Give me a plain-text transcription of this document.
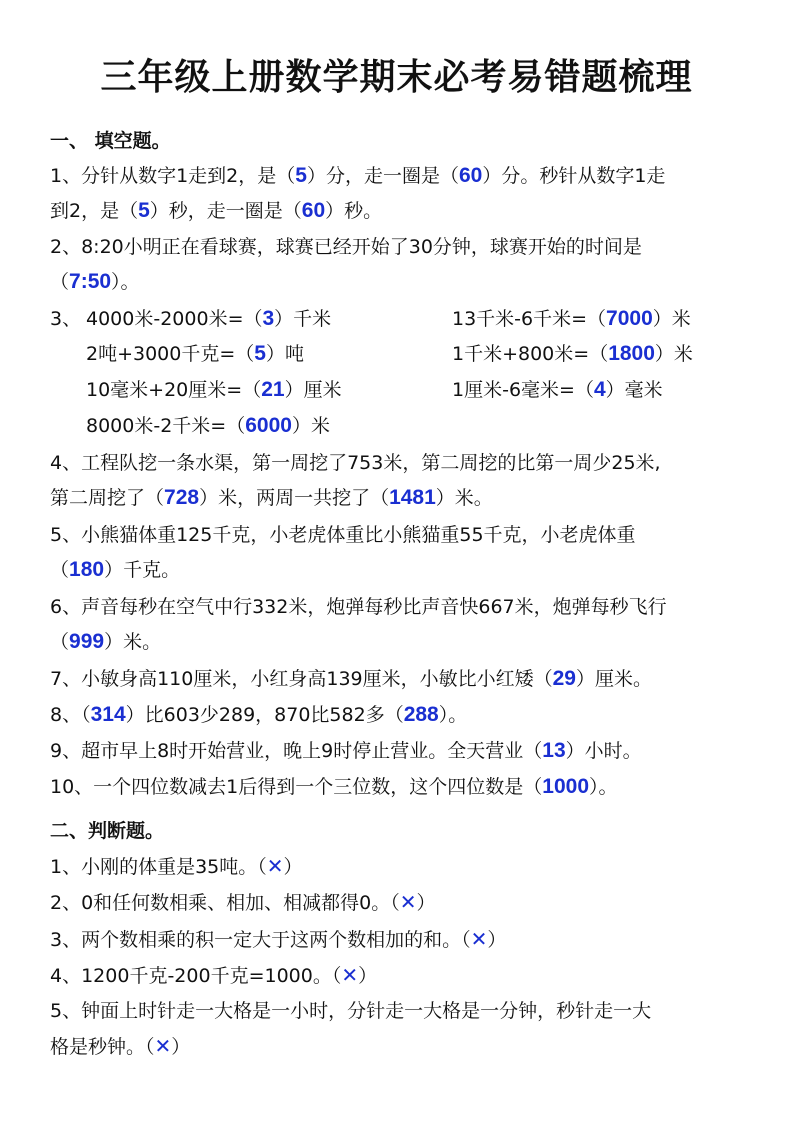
三年级上册数学期末必考易错题梳理
一、 填空题。
1、分针从数字1走到2，是（5）分，走一圈是（60）分。秒针从数字1走
到2，是（5）秒，走一圈是（60）秒。
2、8:20小明正在看球赛，球赛已经开始了30分钟，球赛开始的时间是
（7:50）。
3、 4000米-2000米=（3）千米	13千米-6千米=（7000）米
2吨+3000千克=（5）吨	1千米+800米=（1800）米
10毫米+20厘米=（21）厘米	1厘米-6毫米=（4）毫米
8000米-2千米=（6000）米
4、工程队挖一条水渠，第一周挖了753米，第二周挖的比第一周少25米,
第二周挖了（728）米，两周一共挖了（1481）米。
5、小熊猫体重125千克，小老虎体重比小熊猫重55千克，小老虎体重
（180）千克。
6、声音每秒在空气中行332米，炮弹每秒比声音快667米，炮弹每秒飞行
（999）米。
7、小敏身高110厘米，小红身高139厘米，小敏比小红矮（29）厘米。
8、（314）比603少289，870比582多（288）。
9、超市早上8时开始营业，晚上9时停止营业。全天营业（13）小时。
10、一个四位数减去1后得到一个三位数，这个四位数是（1000）。
二、判断题。
1、小刚的体重是35吨。（✕）
2、0和任何数相乘、相加、相减都得0。（✕）
3、两个数相乘的积一定大于这两个数相加的和。（✕）
4、1200千克-200千克=1000。（✕）
5、钟面上时针走一大格是一小时，分针走一大格是一分钟，秒针走一大
格是秒钟。（✕）
